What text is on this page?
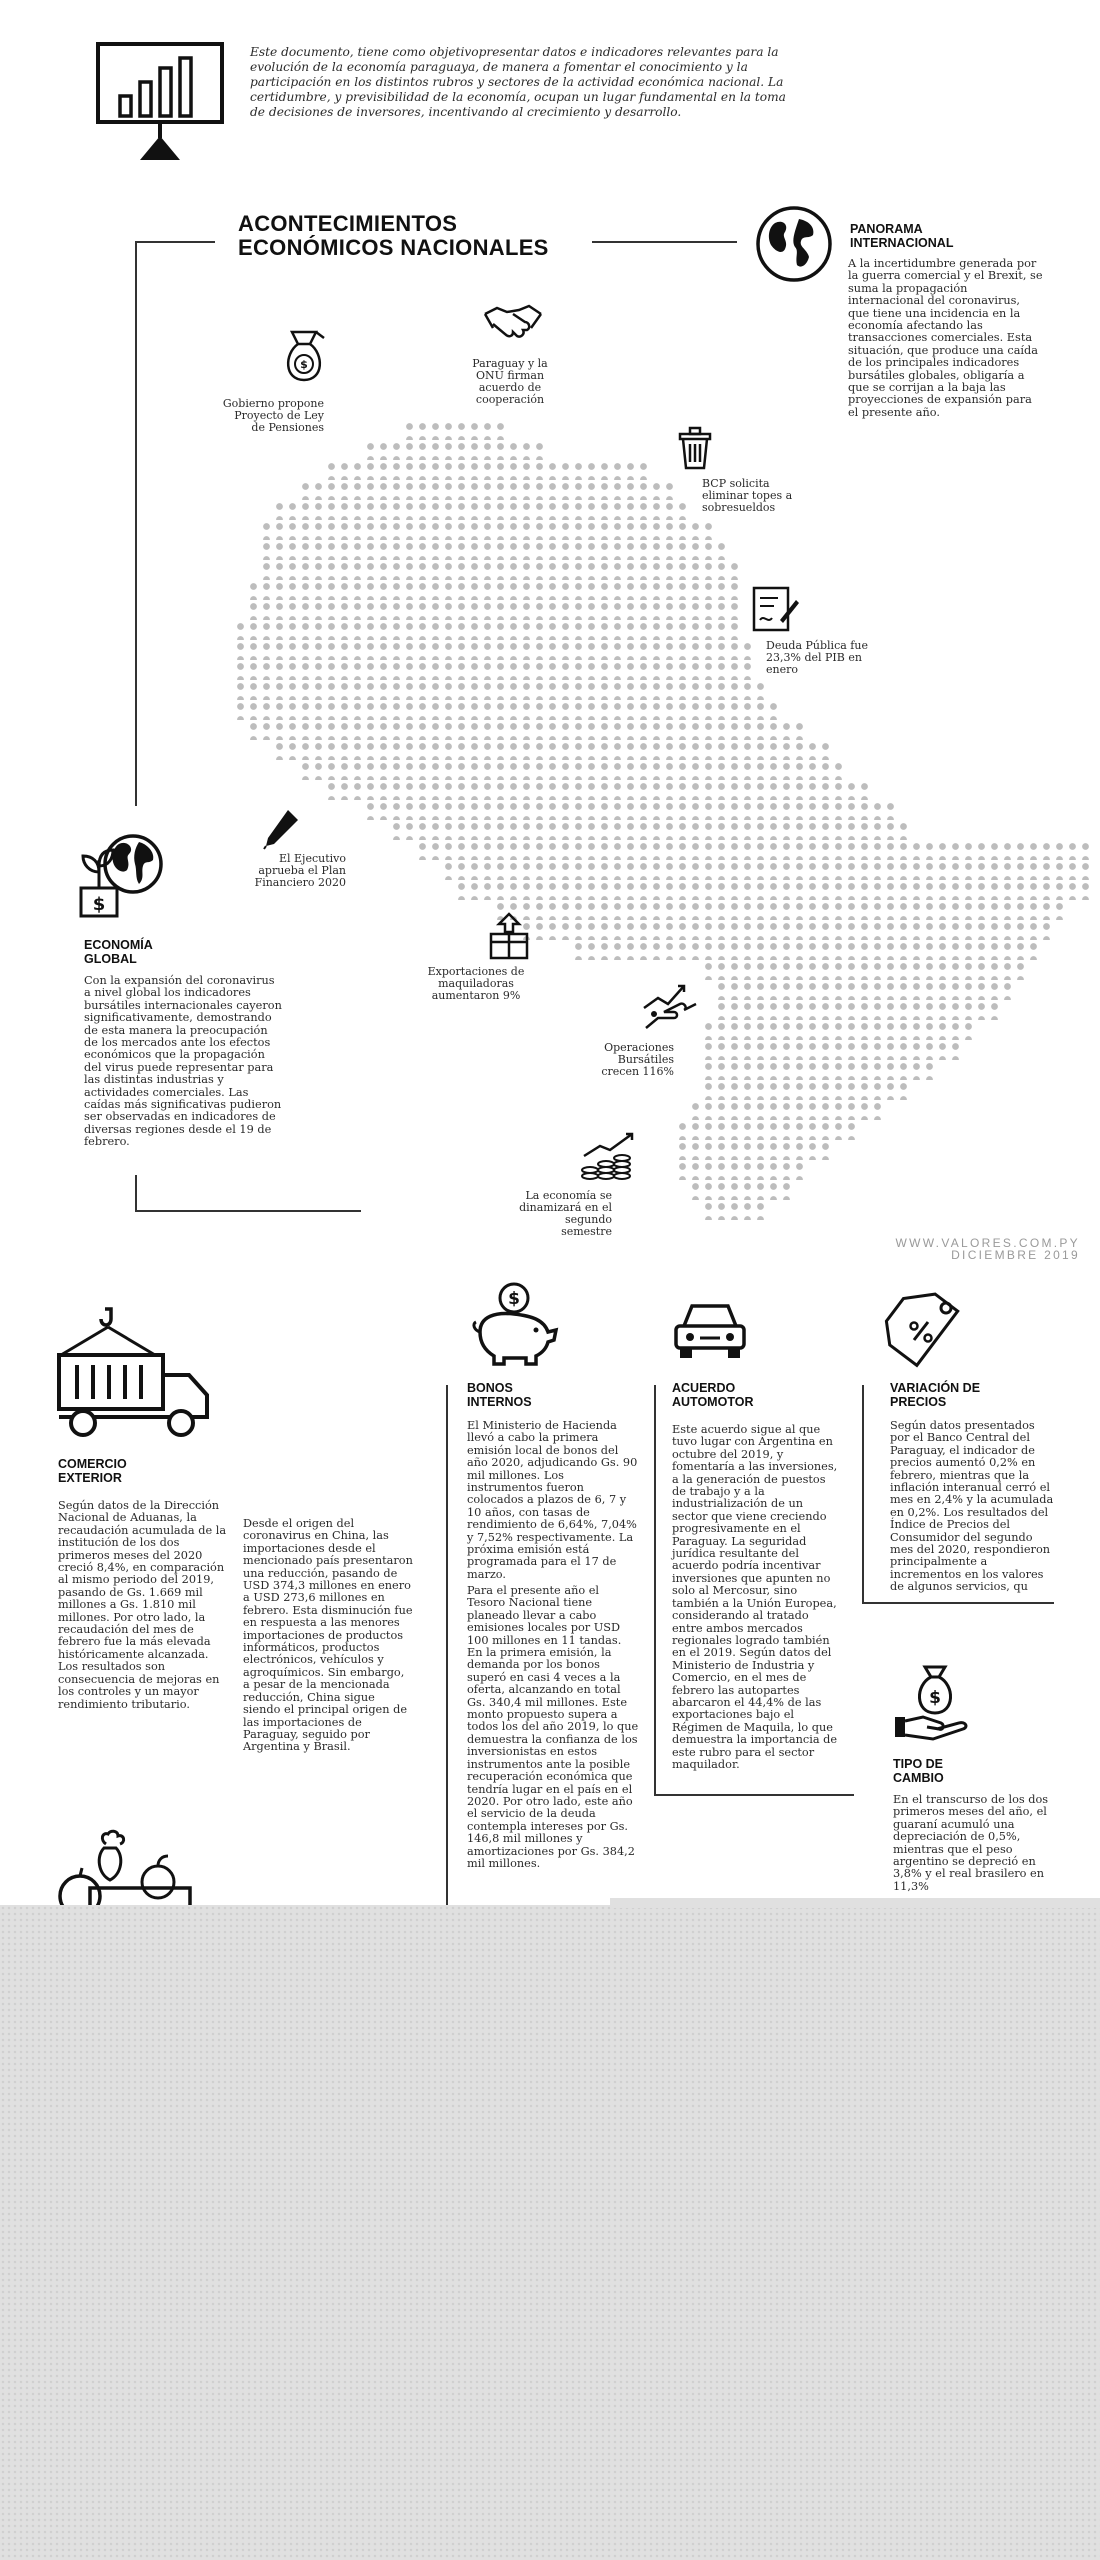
Este documento, tiene como objetivopresentar datos e indicadores relevantes para la evolución de la economía paraguaya, de manera a fomentar el conocimiento y la participación en los distintos rubros y sectores de la actividad económica nacional. La certidumbre, y previsibilidad de la economía, ocupan un lugar fundamental en la toma de decisiones de inversores, incentivando al crecimiento y desarrollo.
ACONTECIMIENTOS
ECONÓMICOS NACIONALES
PANORAMA
INTERNACIONAL
A la incertidumbre generada por la guerra comercial y el Brexit, se suma la propagación internacional del coronavirus, que tiene una incidencia en la economía afectando las transacciones comerciales. Esta situación, que produce una caída de los principales indicadores bursátiles globales, obligaría a que se corrijan a la baja las proyecciones de expansión para el presente año.
$
Gobierno propone Proyecto de Ley de Pensiones
Paraguay y la ONU firman acuerdo de cooperación
BCP solicita eliminar topes a sobresueldos
Deuda Pública fue 23,3% del PIB en enero
El Ejecutivo aprueba el Plan Financiero 2020
Exportaciones de maquiladoras aumentaron 9%
Operaciones Bursátiles crecen 116%
La economía se dinamizará en el segundo semestre
$
ECONOMÍA
GLOBAL
Con la expansión del coronavirus a nivel global los indicadores bursátiles internacionales cayeron significativamente, demostrando de esta manera la preocupación de los mercados ante los efectos económicos que la propagación del virus puede representar para las distintas industrias y actividades comerciales. Las caídas más significativas pudieron ser observadas en indicadores de diversas regiones desde el 19 de febrero.
WWW.VALORES.COM.PY
DICIEMBRE 2019
COMERCIO
EXTERIOR
Según datos de la Dirección Nacional de Aduanas, la recaudación acumulada de la institución de los dos primeros meses del 2020 creció 8,4%, en comparación al mismo periodo del 2019, pasando de Gs. 1.669 mil millones a Gs. 1.810 mil millones. Por otro lado, la recaudación del mes de febrero fue la más elevada históricamente alcanzada. Los resultados son consecuencia de mejoras en los controles y un mayor rendimiento tributario.
Desde el origen del coronavirus en China, las importaciones desde el mencionado país presentaron una reducción, pasando de USD 374,3 millones en enero a USD 273,6 millones en febrero. Esta disminución fue en respuesta a las menores importaciones de productos informáticos, productos electrónicos, vehículos y agroquímicos. Sin embargo, a pesar de la mencionada reducción, China sigue siendo el principal origen de las importaciones de Paraguay, seguido por Argentina y Brasil.
$
BONOS
INTERNOS
El Ministerio de Hacienda llevó a cabo la primera emisión local de bonos del año 2020, adjudicando Gs. 90 mil millones. Los instrumentos fueron colocados a plazos de 6, 7 y 10 años, con tasas de rendimiento de 6,64%, 7,04% y 7,52% respectivamente. La próxima emisión está programada para el 17 de marzo.
Para el presente año el Tesoro Nacional tiene planeado llevar a cabo emisiones locales por USD 100 millones en 11 tandas. En la primera emisión, la demanda por los bonos superó en casi 4 veces a la oferta, alcanzando en total Gs. 340,4 mil millones. Este monto propuesto supera a todos los del año 2019, lo que demuestra la confianza de los inversionistas en estos instrumentos ante la posible recuperación económica que tendría lugar en el país en el 2020. Por otro lado, este año el servicio de la deuda contempla intereses por Gs. 146,8 mil millones y amortizaciones por Gs. 384,2 mil millones.
ACUERDO
AUTOMOTOR
Este acuerdo sigue al que tuvo lugar con Argentina en octubre del 2019, y fomentaría a las inversiones, a la generación de puestos de trabajo y a la industrialización de un sector que viene creciendo progresivamente en el Paraguay. La seguridad jurídica resultante del acuerdo podría incentivar inversiones que apunten no solo al Mercosur, sino también a la Unión Europea, considerando al tratado entre ambos mercados regionales logrado también en el 2019. Según datos del Ministerio de Industria y Comercio, en el mes de febrero las autopartes abarcaron el 44,4% de las exportaciones bajo el Régimen de Maquila, lo que demuestra la importancia de este rubro para el sector maquilador.
VARIACIÓN DE
PRECIOS
Según datos presentados por el Banco Central del Paraguay, el indicador de precios aumentó 0,2% en febrero, mientras que la inflación interanual cerró el mes en 2,4% y la acumulada en 0,2%. Los resultados del Índice de Precios del Consumidor del segundo mes del 2020, respondieron principalmente a incrementos en los valores de algunos servicios, qu
$
TIPO DE
CAMBIO
En el transcurso de los dos primeros meses del año, el guaraní acumuló una depreciación de 0,5%, mientras que el peso argentino se depreció en 3,8% y el real brasilero en 11,3%
